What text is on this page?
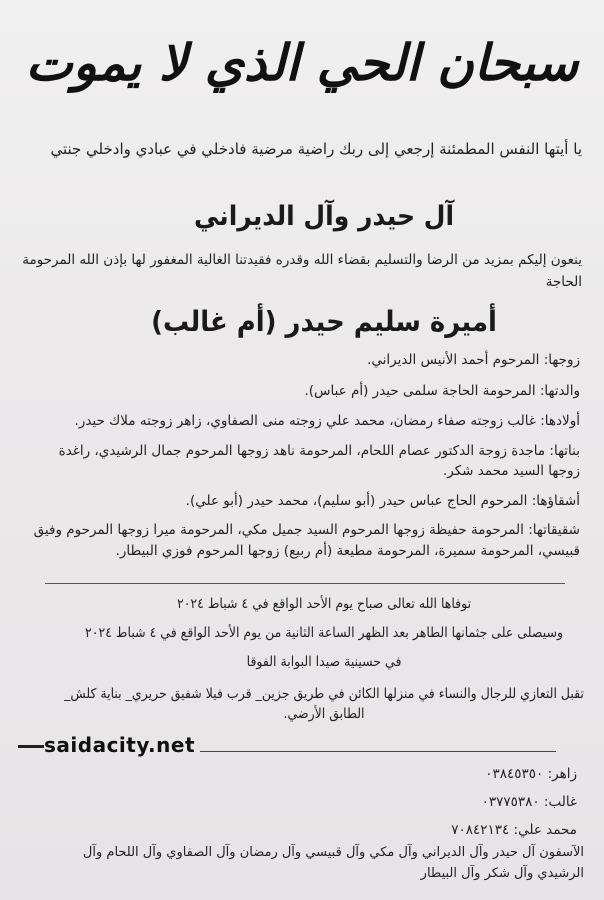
سبحان الحي الذي لا يموت
يا أيتها النفس المطمئنة إرجعي إلى ربك راضية مرضية فادخلي في عبادي وادخلي جنتي
آل حيدر وآل الديراني
ينعون إليكم بمزيد من الرضا والتسليم بقضاء الله وقدره فقيدتنا الغالية المغفور لها بإذن الله المرحومة
الحاجة
أميرة سليم حيدر (أم غالب)
زوجها: المرحوم أحمد الأنيس الديراني.
والدتها: المرحومة الحاجة سلمى حيدر (أم عباس).
أولادها: غالب زوجته صفاء رمضان، محمد علي زوجته منى الصفاوي، زاهر زوجته ملاك حيدر.
بناتها: ماجدة زوجة الدكتور عصام اللحام، المرحومة ناهد زوجها المرحوم جمال الرشيدي، راغدة
زوجها السيد محمد شكر.
أشقاؤها: المرحوم الحاج عباس حيدر (أبو سليم)، محمد حيدر (أبو علي).
شقيقاتها: المرحومة حفيظة زوجها المرحوم السيد جميل مكي، المرحومة ميرا زوجها المرحوم وفيق
قبيسي، المرحومة سميرة، المرحومة مطيعة (أم ربيع) زوجها المرحوم فوزي البيطار.
توفاها الله تعالى صباح يوم الأحد الواقع في ٤ شباط ٢٠٢٤
وسيصلى على جثمانها الطاهر بعد الظهر الساعة الثانية من يوم الأحد الواقع في ٤ شباط ٢٠٢٤
في حسينية صيدا البوابة الفوقا
تقبل التعازي للرجال والنساء في منزلها الكائن في طريق جزين_ قرب فيلا شفيق حريري_ بناية كلش_
الطابق الأرضي.
saidacity.net
زاهر: ٠٣٨٤٥٣٥٠
غالب: ٠٣٧٧٥٣٨٠
محمد علي: ٧٠٨٤٢١٣٤
الآسفون آل حيدر وآل الديراني وآل مكي وآل قبيسي وآل رمضان وآل الصفاوي وآل اللحام وآل
الرشيدي وآل شكر وآل البيطار
